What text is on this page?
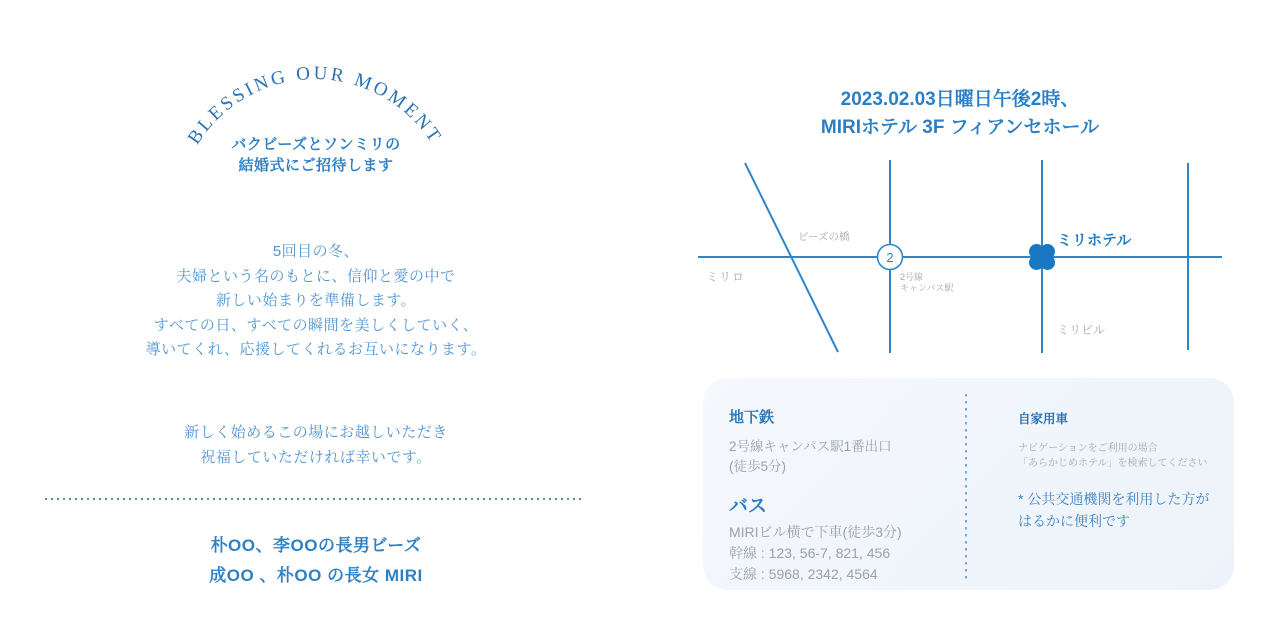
BLESSING OUR MOMENT
バクビーズとソンミリの
結婚式にご招待します
5回目の冬、
夫婦という名のもとに、信仰と愛の中で
新しい始まりを準備します。
すべての日、すべての瞬間を美しくしていく、
導いてくれ、応援してくれるお互いになります。
新しく始めるこの場にお越しいただき
祝福していただければ幸いです。
朴OO、李OOの長男ビーズ
成OO 、朴OO の長女 MIRI
2023.02.03日曜日午後2時、
MIRIホテル 3F フィアンセホール
2
ビーズの橋
ミリロ	2号線
キャンパス駅
ミリホテル
ミリビル
地下鉄
2号線キャンパス駅1番出口
(徒歩5分)
バス
MIRIビル横で下車(徒歩3分)
幹線 : 123, 56-7, 821, 456
支線 : 5968, 2342, 4564
自家用車
ナビゲーションをご利用の場合
「あらかじめホテル」を検索してください
* 公共交通機関を利用した方が
はるかに便利です
